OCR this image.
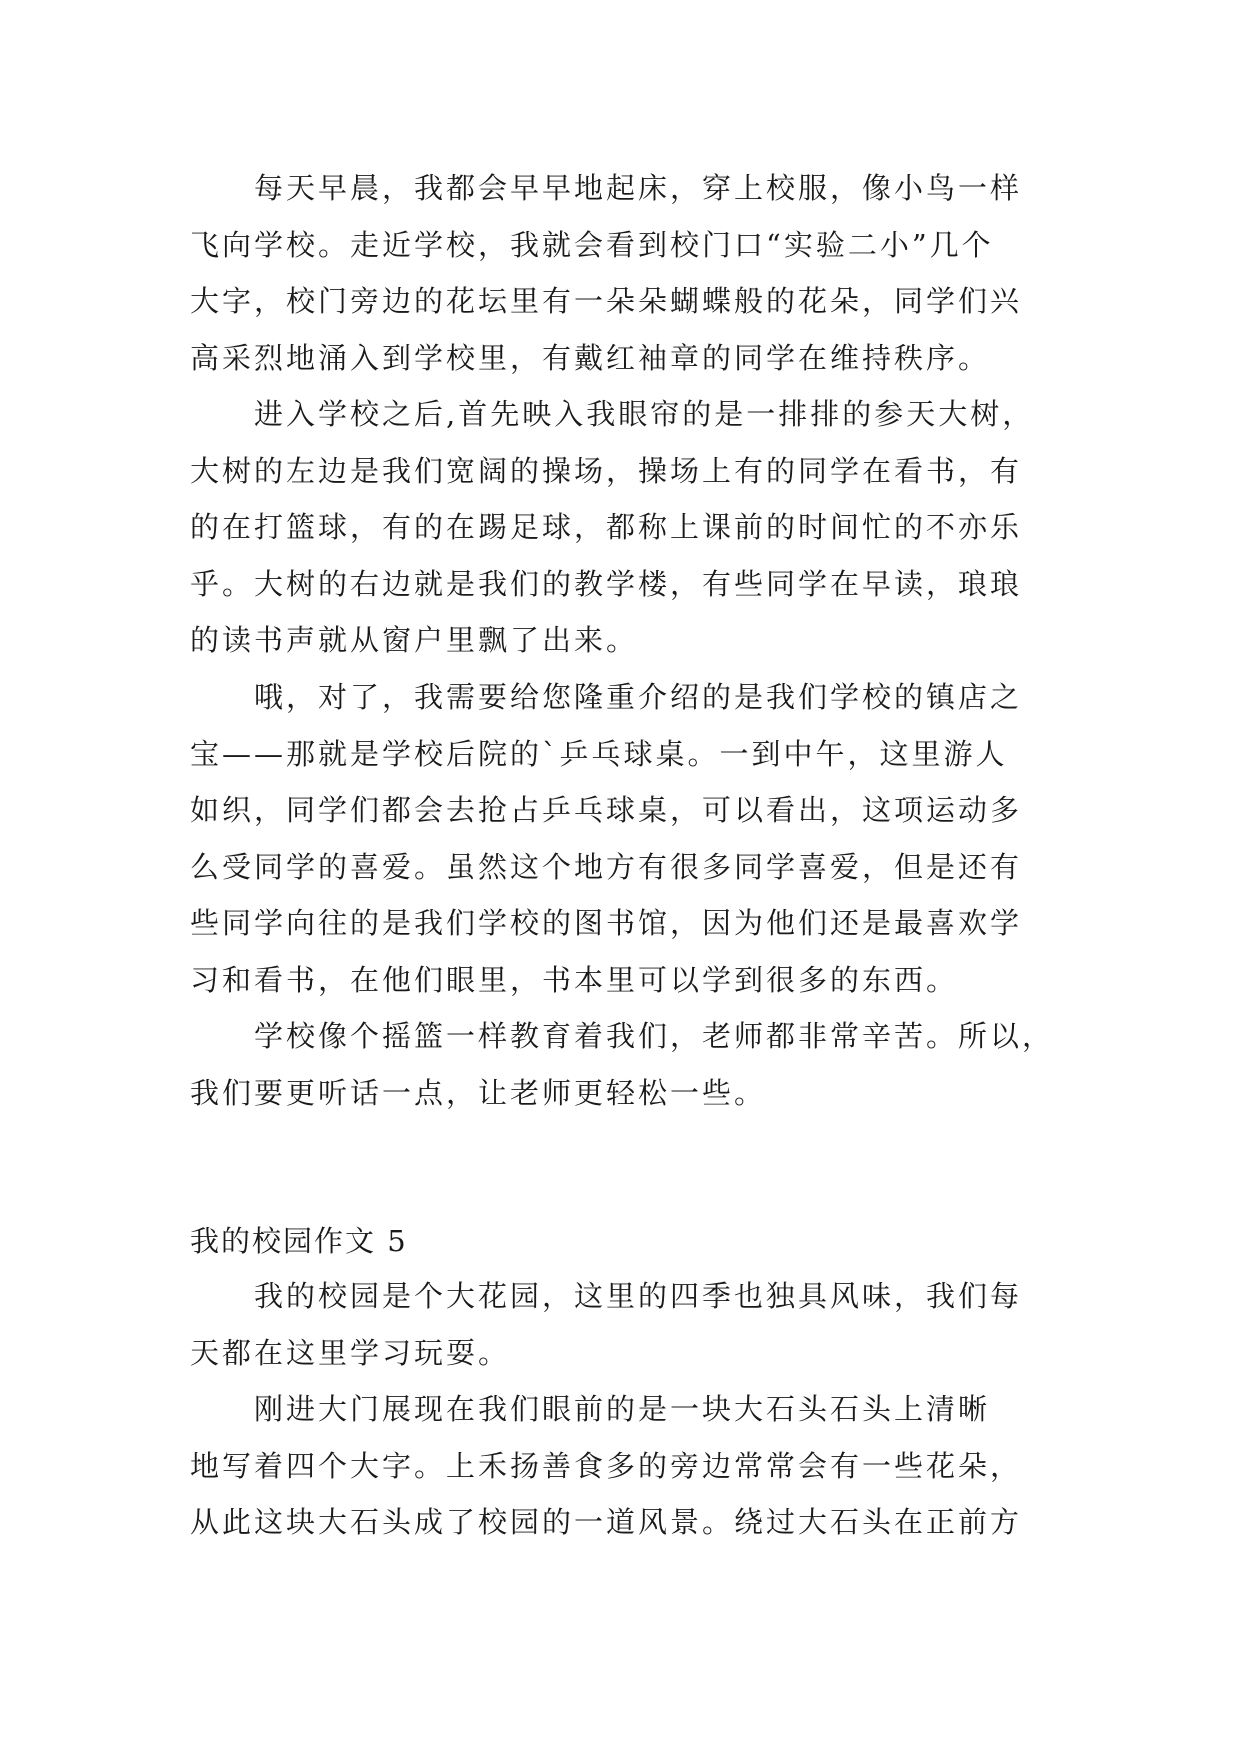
每天早晨，我都会早早地起床，穿上校服，像小鸟一样
飞向学校。走近学校，我就会看到校门口“实验二小”几个
大字，校门旁边的花坛里有一朵朵蝴蝶般的花朵，同学们兴
高采烈地涌入到学校里，有戴红袖章的同学在维持秩序。
进入学校之后,首先映入我眼帘的是一排排的参天大树，
大树的左边是我们宽阔的操场，操场上有的同学在看书，有
的在打篮球，有的在踢足球，都称上课前的时间忙的不亦乐
乎。大树的右边就是我们的教学楼，有些同学在早读，琅琅
的读书声就从窗户里飘了出来。
哦，对了，我需要给您隆重介绍的是我们学校的镇店之
宝——那就是学校后院的`乒乓球桌。一到中午，这里游人
如织，同学们都会去抢占乒乓球桌，可以看出，这项运动多
么受同学的喜爱。虽然这个地方有很多同学喜爱，但是还有
些同学向往的是我们学校的图书馆，因为他们还是最喜欢学
习和看书，在他们眼里，书本里可以学到很多的东西。
学校像个摇篮一样教育着我们，老师都非常辛苦。所以，
我们要更听话一点，让老师更轻松一些。
我的校园作文 5
我的校园是个大花园，这里的四季也独具风味，我们每
天都在这里学习玩耍。
刚进大门展现在我们眼前的是一块大石头石头上清晰
地写着四个大字。上禾扬善食多的旁边常常会有一些花朵，
从此这块大石头成了校园的一道风景。绕过大石头在正前方
